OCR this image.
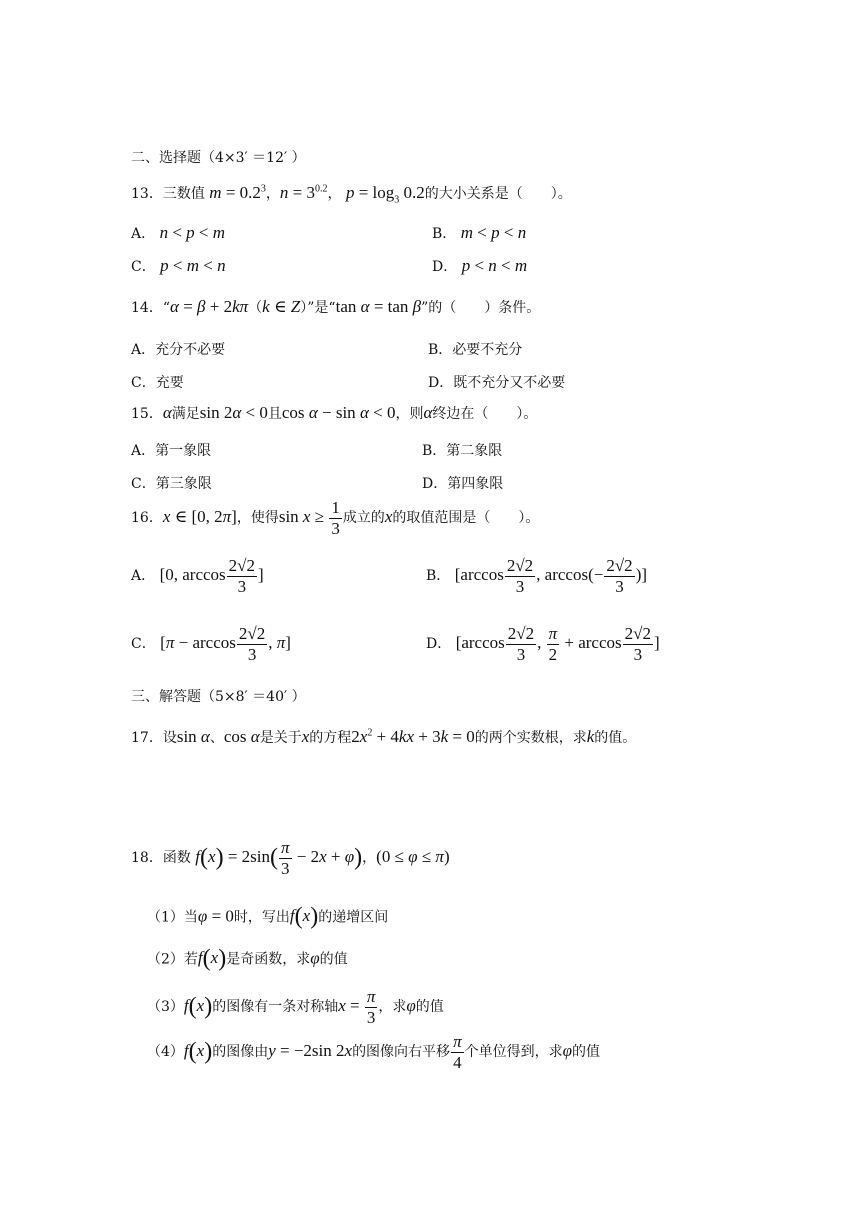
二、选择题（4×3′ ＝12′ ）
13．三数值 $m = 0.2^3$，$n = 3^{0.2}$， $p = \log_3 0.2$的大小关系是（　　 ）。
A． n < p < m	B． m < p < n
C． p < m < n	D． p < n < m
14．“α = β + 2kπ（k ∈ Z）”是“tan α = tan β”的（　　 ）条件。
A．充分不必要	B．必要不充分
C．充要	D．既不充分又不必要
15．α满足sin 2α < 0且cos α − sin α < 0，则α终边在（　　 ）。
A．第一象限	B．第二象限
C．第三象限	D．第四象限
16．x ∈ [0, 2π]，使得$\sin x \ge \frac{1}{3}$ 成立的x的取值范围是（　　 ）。
A． [0, $\arccos \frac{2√2}{3}$ ]	B． [$\arccos \frac{2√2}{3}$ , $\arccos(- \frac{2√2}{3}$ )]
C． [$\pi - \arccos \frac{2√2}{3}$ , π]	D． [$\arccos \frac{2√2}{3}$ , $\frac{\pi}{2} + \arccos \frac{2√2}{3}$ ]
三、解答题（5×8′ ＝40′ ）
17．设sin α、cos α是关于x的方程$2x^2 + 4kx + 3k = 0$的两个实数根，求k的值。
18．函数 $f(x) = 2\sin( \frac{\pi}{3} - 2x + \varphi)$，(0 ≤ φ ≤ π)
（1）当φ = 0时，写出f(x)的递增区间
（2）若f(x)是奇函数，求φ的值
（3）f(x)的图像有一条对称轴$x = \frac{\pi}{3}$ ，求φ的值
（4）f(x)的图像由y = −2sin 2x的图像向右平移 $\frac{\pi}{4}$ 个单位得到，求φ的值
